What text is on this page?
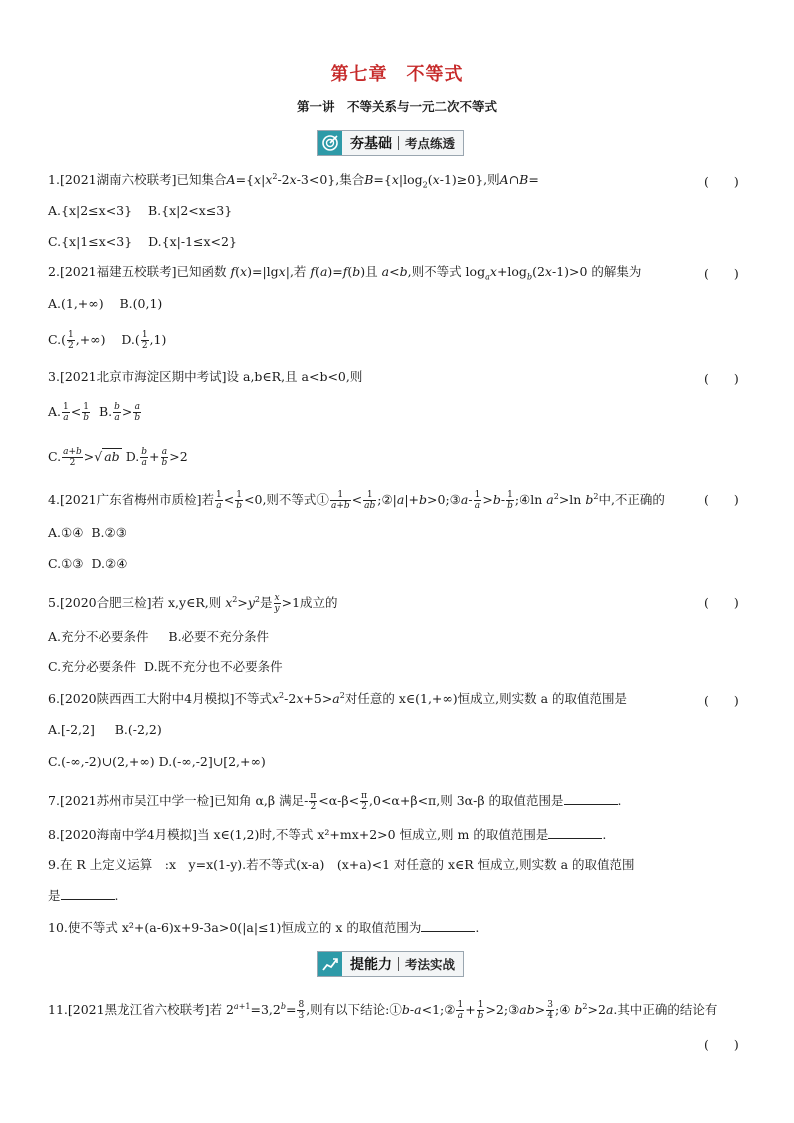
第七章　不等式
第一讲　不等关系与一元二次不等式
夯基础	考点练透
1.[2021湖南六校联考]已知集合$A=\{x|x^2-2x-3<0\}$,集合$B=\{x|\log_2(x-1)\ge 0\}$,则A∩B=	(　　)
A.{x|2≤x<3} B.{x|2<x≤3}
C.{x|1≤x<3} D.{x|-1≤x<2}
2.[2021福建五校联考]已知函数 f(x)=|lgx|,若 f(a)=f(b)且 a<b,则不等式 $\log_ax+\log_b(2x-1)>0$ 的解集为	(　　)
A.(1,+∞) B.(0,1)
$C.( \frac{1}{2}$ ,+∞)    $D.( \frac{1}{2} ,1)$
3.[2021北京市海淀区期中考试]设 a,b∈R,且 a<b<0,则	(　　)
A. $\frac{1}{a} < \frac{1}{b} B$. $\frac{b}{a} > \frac{a}{b}$
C. $\frac{a+b}{2}$ >√ ab D. $\frac{b}{a} + \frac{a}{b} >2$
4.[2021广东省梅州市质检]若 $\frac{1}{a} < \frac{1}{b} <0$,则不等式① $\frac{1}{a+b} < \frac{1}{ab}$ ;②|a|+b>0;③a- $\frac{1}{a} >b- \frac{1}{b}$ ;④ln $a^2>\ln$ $b^2$中,不正确的	(　　)
A.①④ B.②③
C.①③ D.②④
5.[2020合肥三检]若 x,y∈R,则 $x^2>y^2$是 $\frac{x}{y} >1$成立的	(　　)
A.充分不必要条件 B.必要不充分条件
C.充分必要条件 D.既不充分也不必要条件
6.[2020陕西西工大附中4月模拟]不等式$x^2-2x+5>a^2$对任意的 x∈(1,+∞)恒成立,则实数 a 的取值范围是	(　　)
A.[-2,2] B.(-2,2)
C.(-∞,-2)∪(2,+∞) D.(-∞,-2]∪[2,+∞)
7.[2021苏州市吴江中学一检]已知角 α,β 满足- $\frac{\pi}{2} <\alpha-\beta< \frac{\pi}{2} ,0<\alpha+\beta<\pi$,则 3α-β 的取值范围是	.
8.[2020海南中学4月模拟]当 x∈(1,2)时,不等式 x²+mx+2>0 恒成立,则 m 的取值范围是	.
9.在 R 上定义运算　:x　y=x(1-y).若不等式(x-a)　(x+a)<1 对任意的 x∈R 恒成立,则实数 a 的取值范围
是	.
10.使不等式 x²+(a-6)x+9-3a>0(|a|≤1)恒成立的 x 的取值范围为	.
提能力	考法实战
11.[2021黑龙江省六校联考]若 $2^{a+1}=3,2^b= \frac{8}{3}$ ,则有以下结论:①b-a<1;② $\frac{1}{a} + \frac{1}{b}$ >2;③ab> $\frac{3}{4}$ ;④ $b^2>2a$.其中正确的结论有
(　　)
